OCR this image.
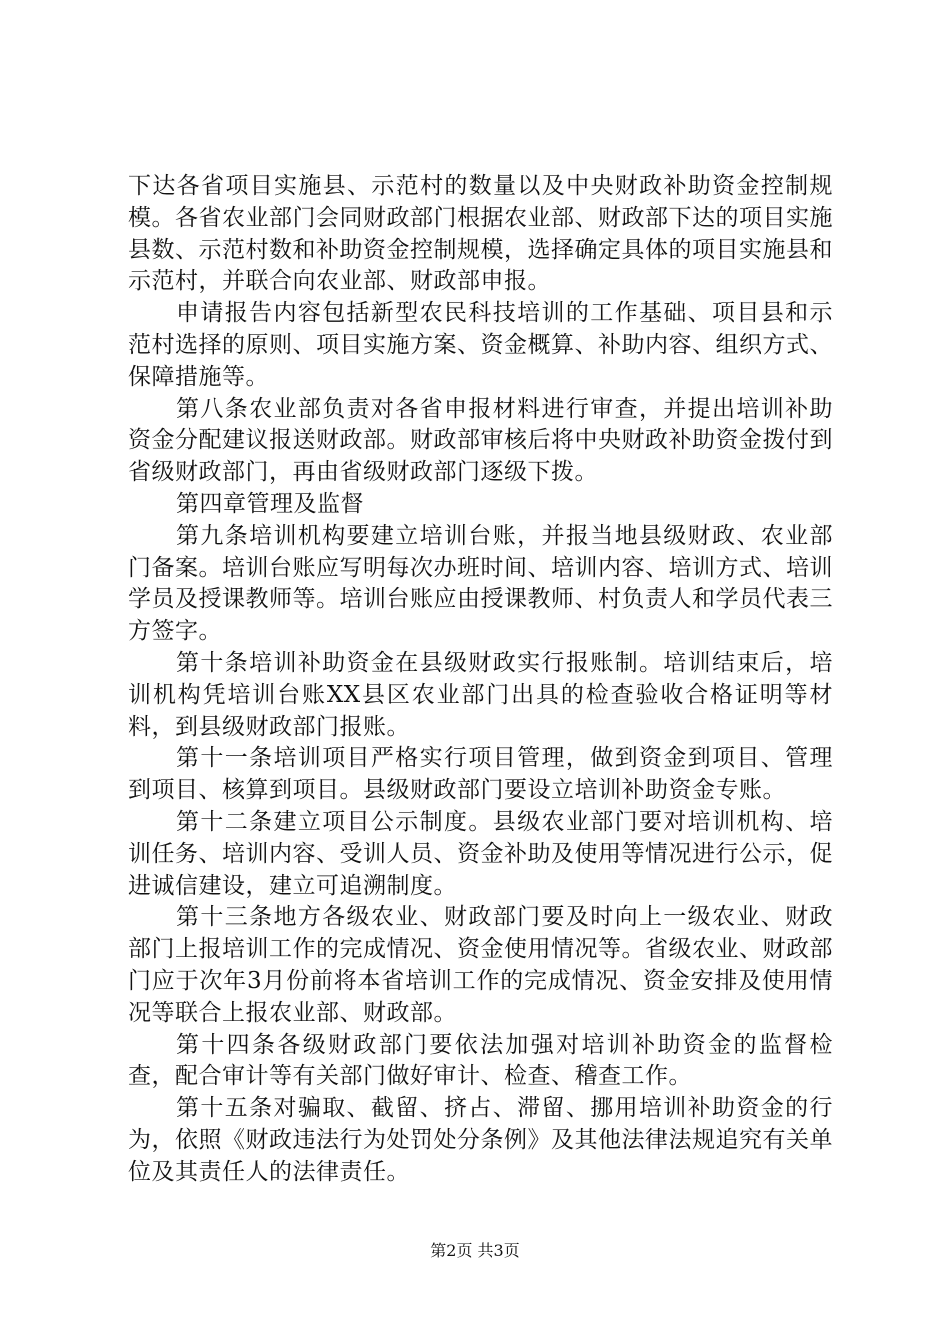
下达各省项目实施县、示范村的数量以及中央财政补助资金控制规模。各省农业部门会同财政部门根据农业部、财政部下达的项目实施县数、示范村数和补助资金控制规模，选择确定具体的项目实施县和示范村，并联合向农业部、财政部申报。

申请报告内容包括新型农民科技培训的工作基础、项目县和示范村选择的原则、项目实施方案、资金概算、补助内容、组织方式、保障措施等。

第八条农业部负责对各省申报材料进行审查，并提出培训补助资金分配建议报送财政部。财政部审核后将中央财政补助资金拨付到省级财政部门，再由省级财政部门逐级下拨。

第四章管理及监督

第九条培训机构要建立培训台账，并报当地县级财政、农业部门备案。培训台账应写明每次办班时间、培训内容、培训方式、培训学员及授课教师等。培训台账应由授课教师、村负责人和学员代表三方签字。

第十条培训补助资金在县级财政实行报账制。培训结束后，培训机构凭培训台账XX县区农业部门出具的检查验收合格证明等材料，到县级财政部门报账。

第十一条培训项目严格实行项目管理，做到资金到项目、管理到项目、核算到项目。县级财政部门要设立培训补助资金专账。

第十二条建立项目公示制度。县级农业部门要对培训机构、培训任务、培训内容、受训人员、资金补助及使用等情况进行公示，促进诚信建设，建立可追溯制度。

第十三条地方各级农业、财政部门要及时向上一级农业、财政部门上报培训工作的完成情况、资金使用情况等。省级农业、财政部门应于次年3月份前将本省培训工作的完成情况、资金安排及使用情况等联合上报农业部、财政部。

第十四条各级财政部门要依法加强对培训补助资金的监督检查，配合审计等有关部门做好审计、检查、稽查工作。

第十五条对骗取、截留、挤占、滞留、挪用培训补助资金的行为，依照《财政违法行为处罚处分条例》及其他法律法规追究有关单位及其责任人的法律责任。

第2页 共3页
